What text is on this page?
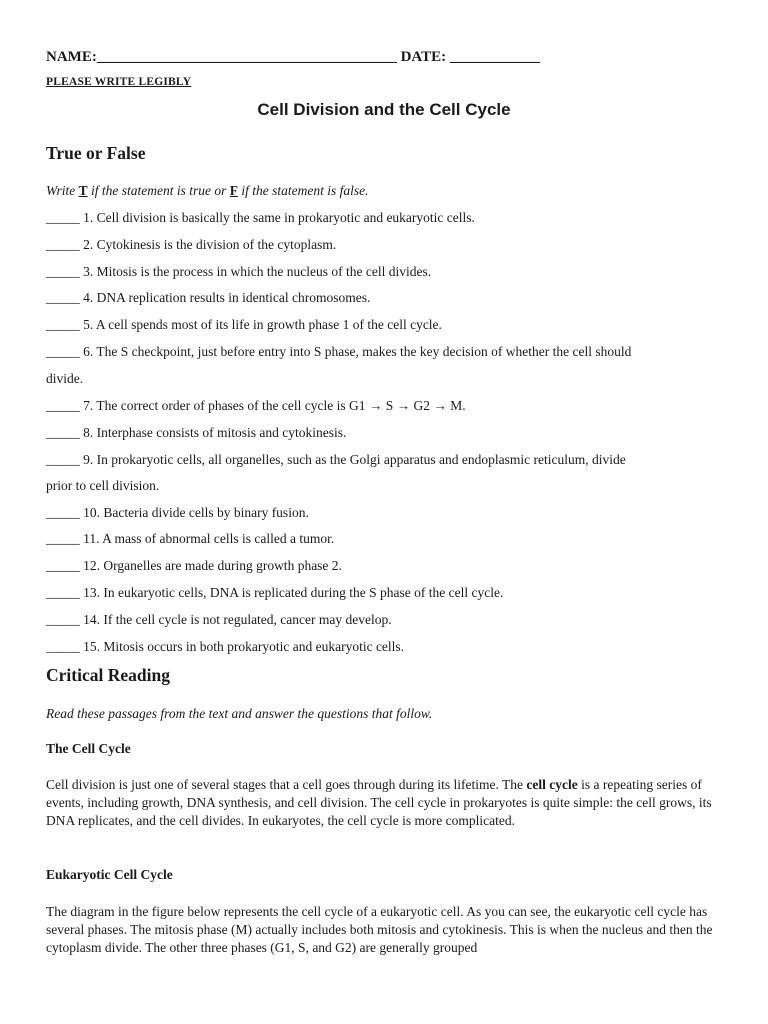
NAME:________________________________________ DATE: ____________
PLEASE WRITE LEGIBLY
Cell Division and the Cell Cycle
True or False
Write T if the statement is true or F if the statement is false.
_____ 1. Cell division is basically the same in prokaryotic and eukaryotic cells.
_____ 2. Cytokinesis is the division of the cytoplasm.
_____ 3. Mitosis is the process in which the nucleus of the cell divides.
_____ 4. DNA replication results in identical chromosomes.
_____ 5. A cell spends most of its life in growth phase 1 of the cell cycle.
_____ 6. The S checkpoint, just before entry into S phase, makes the key decision of whether the cell should
divide.
_____ 7. The correct order of phases of the cell cycle is G1 → S → G2 → M.
_____ 8. Interphase consists of mitosis and cytokinesis.
_____ 9. In prokaryotic cells, all organelles, such as the Golgi apparatus and endoplasmic reticulum, divide
prior to cell division.
_____ 10. Bacteria divide cells by binary fusion.
_____ 11. A mass of abnormal cells is called a tumor.
_____ 12. Organelles are made during growth phase 2.
_____ 13. In eukaryotic cells, DNA is replicated during the S phase of the cell cycle.
_____ 14. If the cell cycle is not regulated, cancer may develop.
_____ 15. Mitosis occurs in both prokaryotic and eukaryotic cells.
Critical Reading
Read these passages from the text and answer the questions that follow.
The Cell Cycle
Cell division is just one of several stages that a cell goes through during its lifetime. The cell cycle is a repeating series of events, including growth, DNA synthesis, and cell division. The cell cycle in prokaryotes is quite simple: the cell grows, its DNA replicates, and the cell divides. In eukaryotes, the cell cycle is more complicated.
Eukaryotic Cell Cycle
The diagram in the figure below represents the cell cycle of a eukaryotic cell. As you can see, the eukaryotic cell cycle has several phases. The mitosis phase (M) actually includes both mitosis and cytokinesis. This is when the nucleus and then the cytoplasm divide. The other three phases (G1, S, and G2) are generally grouped
